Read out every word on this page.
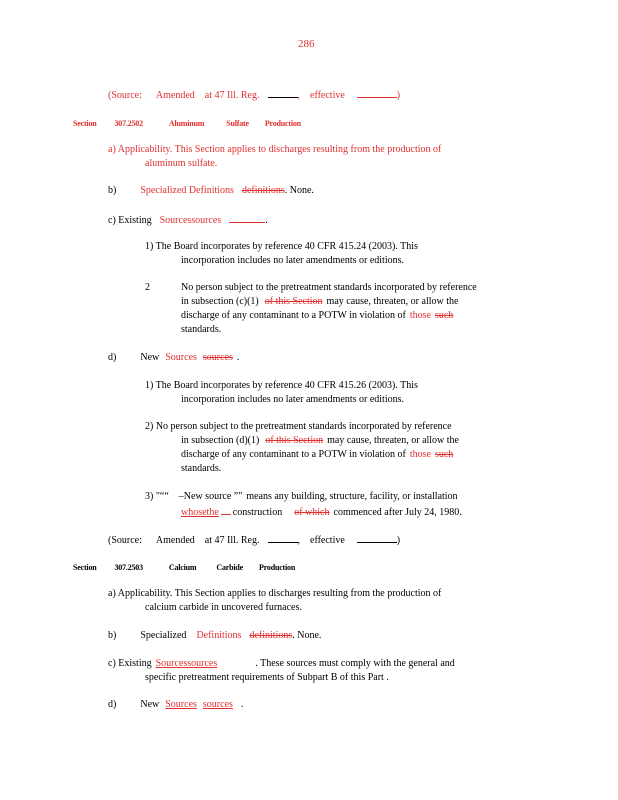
286
(Source: Amended at 47 Ill. Reg.	, effective	)
Section 307.2502	Aluminum	Sulfate Production
a) Applicability. This Section applies to discharges resulting from the production of
aluminum sulfate.
b) Specialized Definitions definitions. None.
c) Existing Sourcessources	.
1) The Board incorporates by reference 40 CFR 415.24 (2003). This
incorporation includes no later amendments or editions.
2	No person subject to the pretreatment standards incorporated by reference
in subsection (c)(1) of this Section may cause, threaten, or allow the
discharge of any contaminant to a POTW in violation of those such
standards.
d) New Sources sources .
1) The Board incorporates by reference 40 CFR 415.26 (2003). This
incorporation includes no later amendments or editions.
2) No person subject to the pretreatment standards incorporated by reference
in subsection (d)(1) of this Section may cause, threaten, or allow the
discharge of any contaminant to a POTW in violation of those such
standards.
3) "““ –New source ”" means any building, structure, facility, or installation
whosethe construction of which commenced after July 24, 1980.
(Source: Amended at 47 Ill. Reg.	, effective	)
Section 307.2503	Calcium	Carbide Production
a) Applicability. This Section applies to discharges resulting from the production of
calcium carbide in uncovered furnaces.
b) Specialized Definitions definitions. None.
c) Existing Sourcessources	. These sources must comply with the general and
specific pretreatment requirements of Subpart B of this Part .
d) New Sources sources .
